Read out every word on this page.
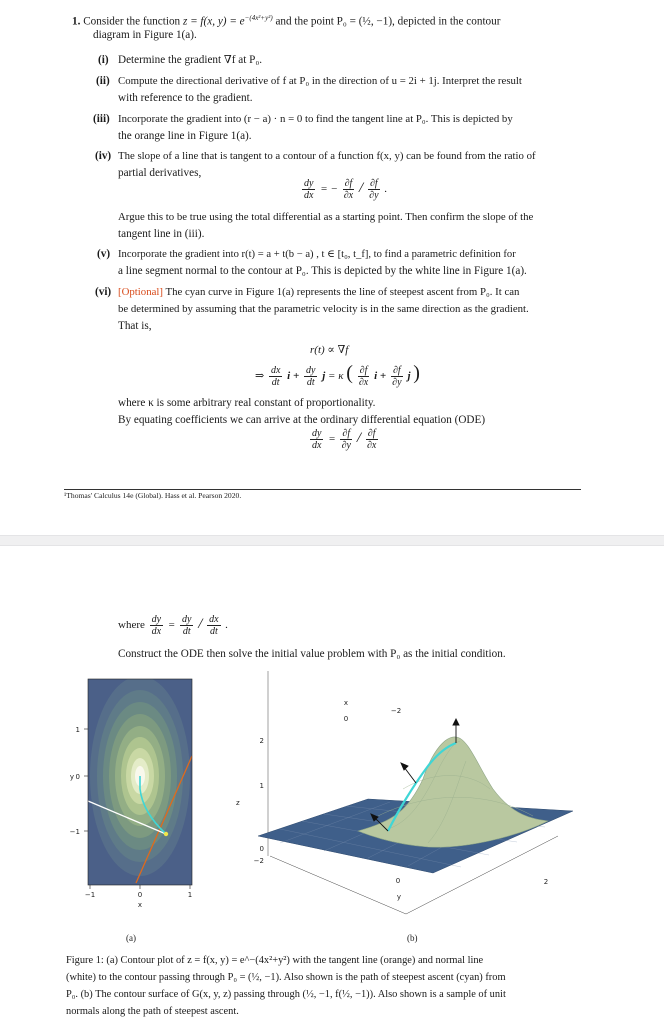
1. Consider the function z = f(x, $y) = e^{-(4x^2+y^2)}$ and the point P₀ = (½, −1), depicted in the contour
diagram in Figure 1(a).
(i) Determine the gradient ∇f at P₀.
(ii) Compute the directional derivative of f at P₀ in the direction of u = 2i + 1j. Interpret the result
with reference to the gradient.
(iii) Incorporate the gradient into (r − a) · n = 0 to find the tangent line at P₀. This is depicted by
the orange line in Figure 1(a).
(iv) The slope of a line that is tangent to a contour of a function f(x, y) can be found from the ratio of
partial derivatives,
$\frac{dy}{dx}$ = − $\frac{\partial f}{\partial x} / \frac{\partial f}{\partial y}$ .
Argue this to be true using the total differential as a starting point. Then confirm the slope of the
tangent line in (iii).
(v) Incorporate the gradient into r(t) = a + t(b − a) , t ∈ [t₀, t_f], to find a parametric definition for
a line segment normal to the contour at P₀. This is depicted by the white line in Figure 1(a).
(vi) [Optional] The cyan curve in Figure 1(a) represents the line of steepest ascent from P₀. It can
be determined by assuming that the parametric velocity is in the same direction as the gradient.
That is,
r(t) ∝ ∇f
⇒ $\frac{dx}{dt}$ $i + \frac{dy}{dt}$ j = κ ( $\frac{\partial f}{\partial x}$ $i + \frac{\partial f}{\partial y}$ j )
where κ is some arbitrary real constant of proportionality.
By equating coefficients we can arrive at the ordinary differential equation (ODE)
$\frac{dy}{dx} = \frac{\partial f}{\partial y} / \frac{\partial f}{\partial x}$
¹Thomas' Calculus 14e (Global). Hass et al. Pearson 2020.
where $\frac{dy}{dx} = \frac{dy}{dt} / \frac{dx}{dt}$ .
Construct the ODE then solve the initial value problem with P₀ as the initial condition.
1
0
−1
y
−1	0	1
x
2
1
0
−2
z
x
0
−2
0	2
y
(a)	(b)
Figure 1: (a) Contour plot of z = f(x, y) = e^−(4x²+y²) with the tangent line (orange) and normal line
(white) to the contour passing through P₀ = (½, −1). Also shown is the path of steepest ascent (cyan) from
P₀. (b) The contour surface of G(x, y, z) passing through (½, −1, f(½, −1)). Also shown is a sample of unit
normals along the path of steepest ascent.
